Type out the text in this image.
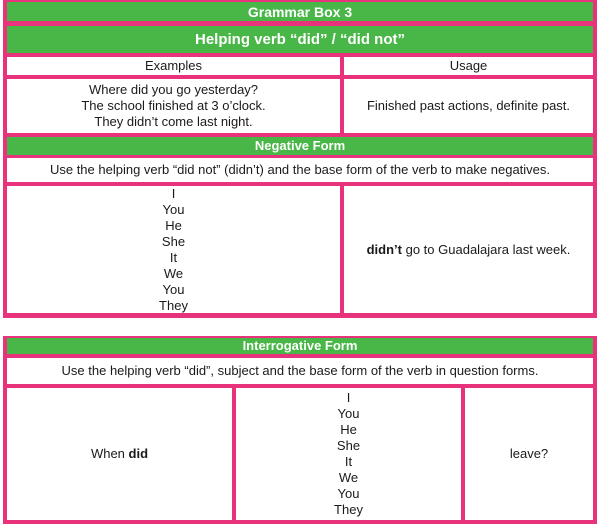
Grammar Box 3
Helping verb “did” / “did not”
Examples	Usage
Where did you go yesterday?
The school finished at 3 o’clock.
They didn’t come last night.
Finished past actions, definite past.
Negative Form
Use the helping verb “did not” (didn’t) and the base form of the verb to make negatives.
I
You
He
She
It
We
You
They
didn’t go to Guadalajara last week.
Interrogative Form
Use the helping verb “did”, subject and the base form of the verb in question forms.
When did
I
You
He
She
It
We
You
They
leave?
